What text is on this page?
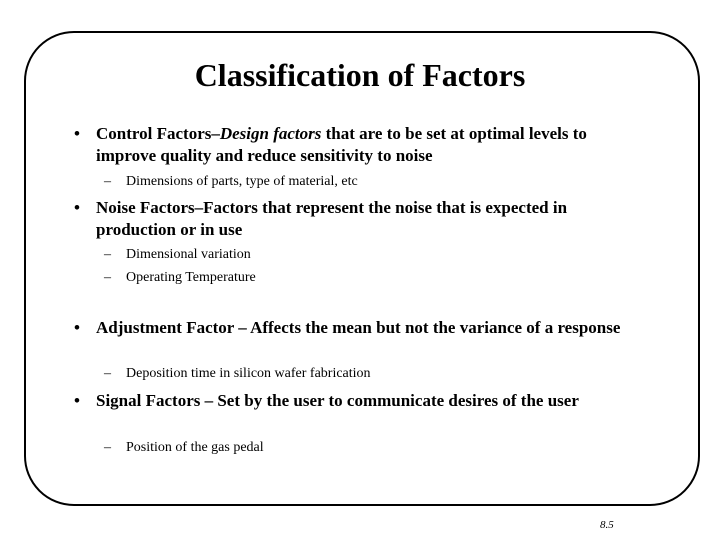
Classification of Factors
• Control Factors–Design factors that are to be set at optimal levels to improve quality and reduce sensitivity to noise
– Dimensions of parts, type of material, etc
• Noise Factors–Factors that represent the noise that is expected in production or in use
– Dimensional variation
– Operating Temperature
• Adjustment Factor – Affects the mean but not the variance of a response
– Deposition time in silicon wafer fabrication
• Signal Factors – Set by the user to communicate desires of the user
– Position of the gas pedal
8.5
